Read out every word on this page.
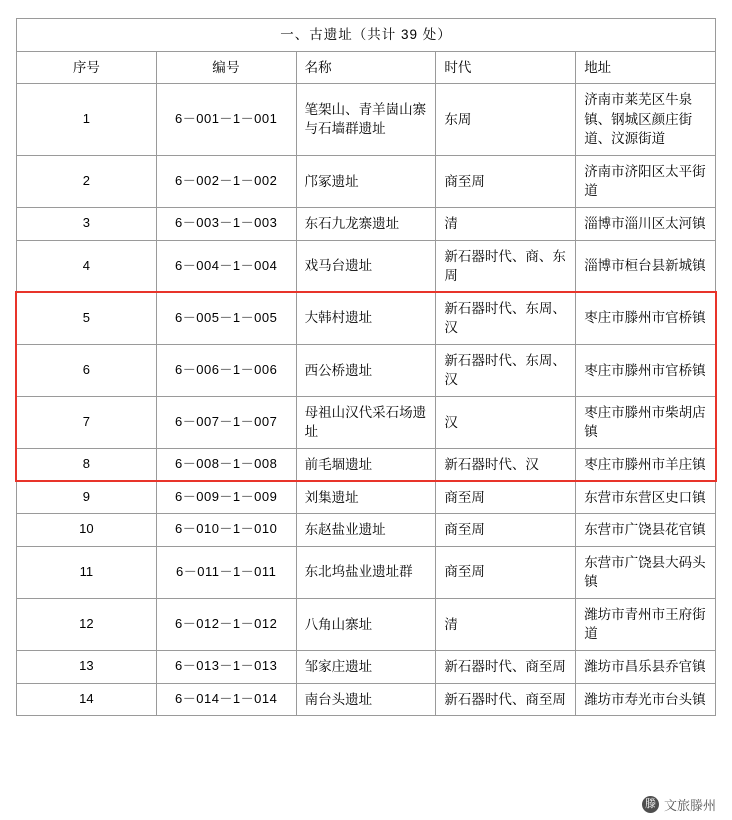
一、古遗址（共计 39 处）				
序号	编号	名称	时代	地址
1	6－001－1－001	笔架山、青羊崮山寨与石墙群遗址	东周	济南市莱芜区牛泉镇、钢城区颜庄街道、汶源街道
2	6－002－1－002	邝冢遗址	商至周	济南市济阳区太平街道
3	6－003－1－003	东石九龙寨遗址	清	淄博市淄川区太河镇
4	6－004－1－004	戏马台遗址	新石器时代、商、东周	淄博市桓台县新城镇
5	6－005－1－005	大韩村遗址	新石器时代、东周、汉	枣庄市滕州市官桥镇
6	6－006－1－006	西公桥遗址	新石器时代、东周、汉	枣庄市滕州市官桥镇
7	6－007－1－007	母祖山汉代采石场遗址	汉	枣庄市滕州市柴胡店镇
8	6－008－1－008	前毛堌遗址	新石器时代、汉	枣庄市滕州市羊庄镇
9	6－009－1－009	刘集遗址	商至周	东营市东营区史口镇
10	6－010－1－010	东赵盐业遗址	商至周	东营市广饶县花官镇
11	6－011－1－011	东北坞盐业遗址群	商至周	东营市广饶县大码头镇
12	6－012－1－012	八角山寨址	清	潍坊市青州市王府街道
13	6－013－1－013	邹家庄遗址	新石器时代、商至周	潍坊市昌乐县乔官镇
14	6－014－1－014	南台头遗址	新石器时代、商至周	潍坊市寿光市台头镇
滕 文旅滕州
